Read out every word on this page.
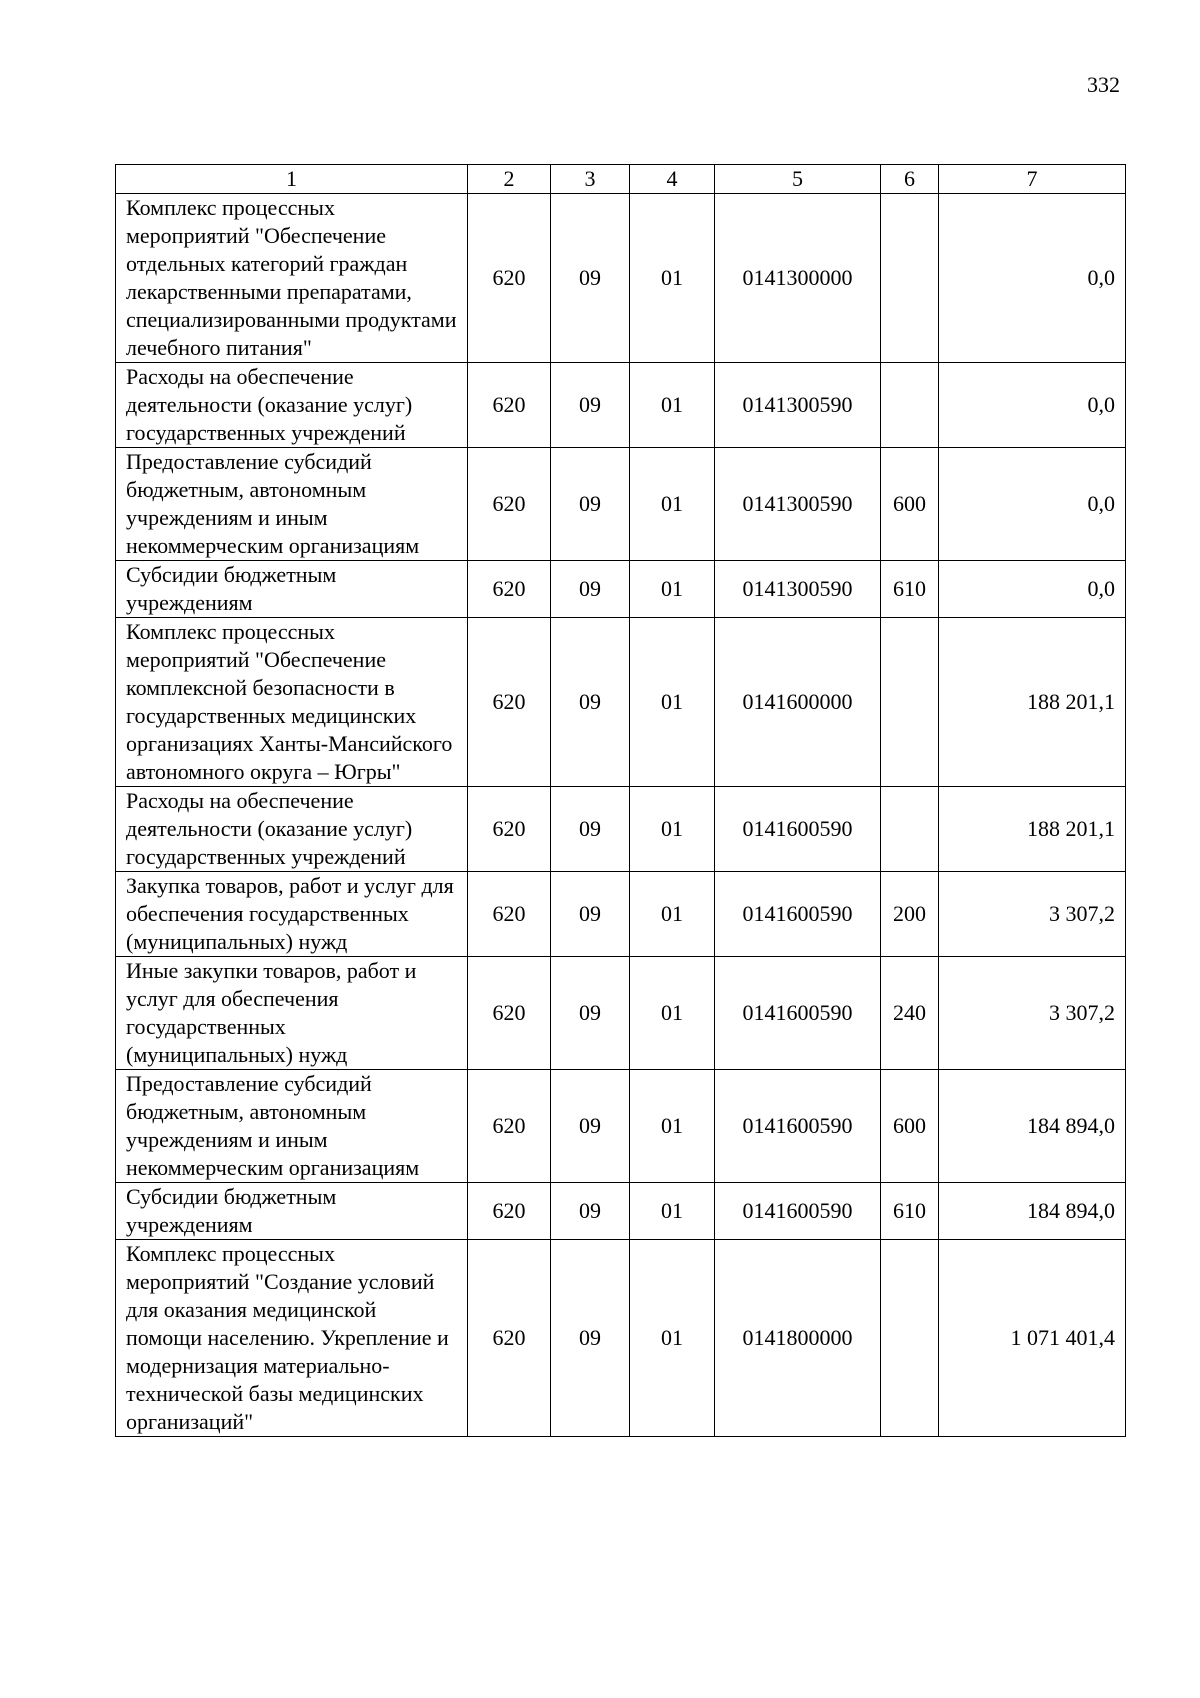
332
1	2	3	4	5	6	7
Комплекс процессных мероприятий "Обеспечение отдельных категорий граждан лекарственными препаратами, специализированными продуктами лечебного питания"	620	09	01	0141300000		0,0
Расходы на обеспечение деятельности (оказание услуг) государственных учреждений	620	09	01	0141300590		0,0
Предоставление субсидий бюджетным, автономным учреждениям и иным некоммерческим организациям	620	09	01	0141300590	600	0,0
Субсидии бюджетным учреждениям	620	09	01	0141300590	610	0,0
Комплекс процессных мероприятий "Обеспечение комплексной безопасности в государственных медицинских организациях Ханты-Мансийского автономного округа – Югры"	620	09	01	0141600000		188 201,1
Расходы на обеспечение деятельности (оказание услуг) государственных учреждений	620	09	01	0141600590		188 201,1
Закупка товаров, работ и услуг для обеспечения государственных (муниципальных) нужд	620	09	01	0141600590	200	3 307,2
Иные закупки товаров, работ и услуг для обеспечения государственных (муниципальных) нужд	620	09	01	0141600590	240	3 307,2
Предоставление субсидий бюджетным, автономным учреждениям и иным некоммерческим организациям	620	09	01	0141600590	600	184 894,0
Субсидии бюджетным учреждениям	620	09	01	0141600590	610	184 894,0
Комплекс процессных мероприятий "Создание условий для оказания медицинской помощи населению. Укрепление и модернизация материально-технической базы медицинских организаций"	620	09	01	0141800000		1 071 401,4
